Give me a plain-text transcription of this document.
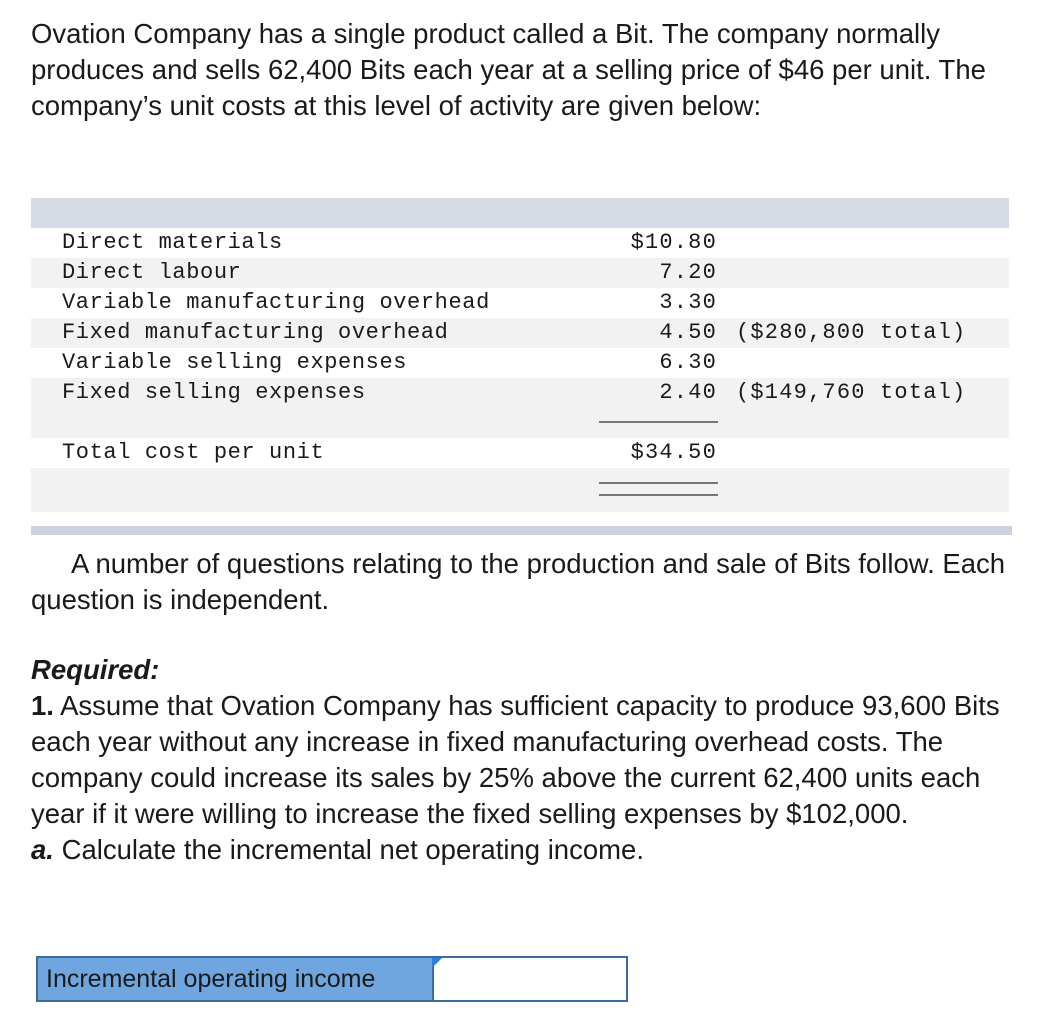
Ovation Company has a single product called a Bit. The company normally produces and sells 62,400 Bits each year at a selling price of $46 per unit. The company’s unit costs at this level of activity are given below:

Direct materials	$10.80
Direct labour	7.20
Variable manufacturing overhead	3.30
Fixed manufacturing overhead	4.50 ($280,800 total)
Variable selling expenses	6.30
Fixed selling expenses	2.40 ($149,760 total)
Total cost per unit	$34.50

A number of questions relating to the production and sale of Bits follow. Each question is independent.

Required:
1. Assume that Ovation Company has sufficient capacity to produce 93,600 Bits each year without any increase in fixed manufacturing overhead costs. The company could increase its sales by 25% above the current 62,400 units each year if it were willing to increase the fixed selling expenses by $102,000.
a. Calculate the incremental net operating income.
Incremental operating income
